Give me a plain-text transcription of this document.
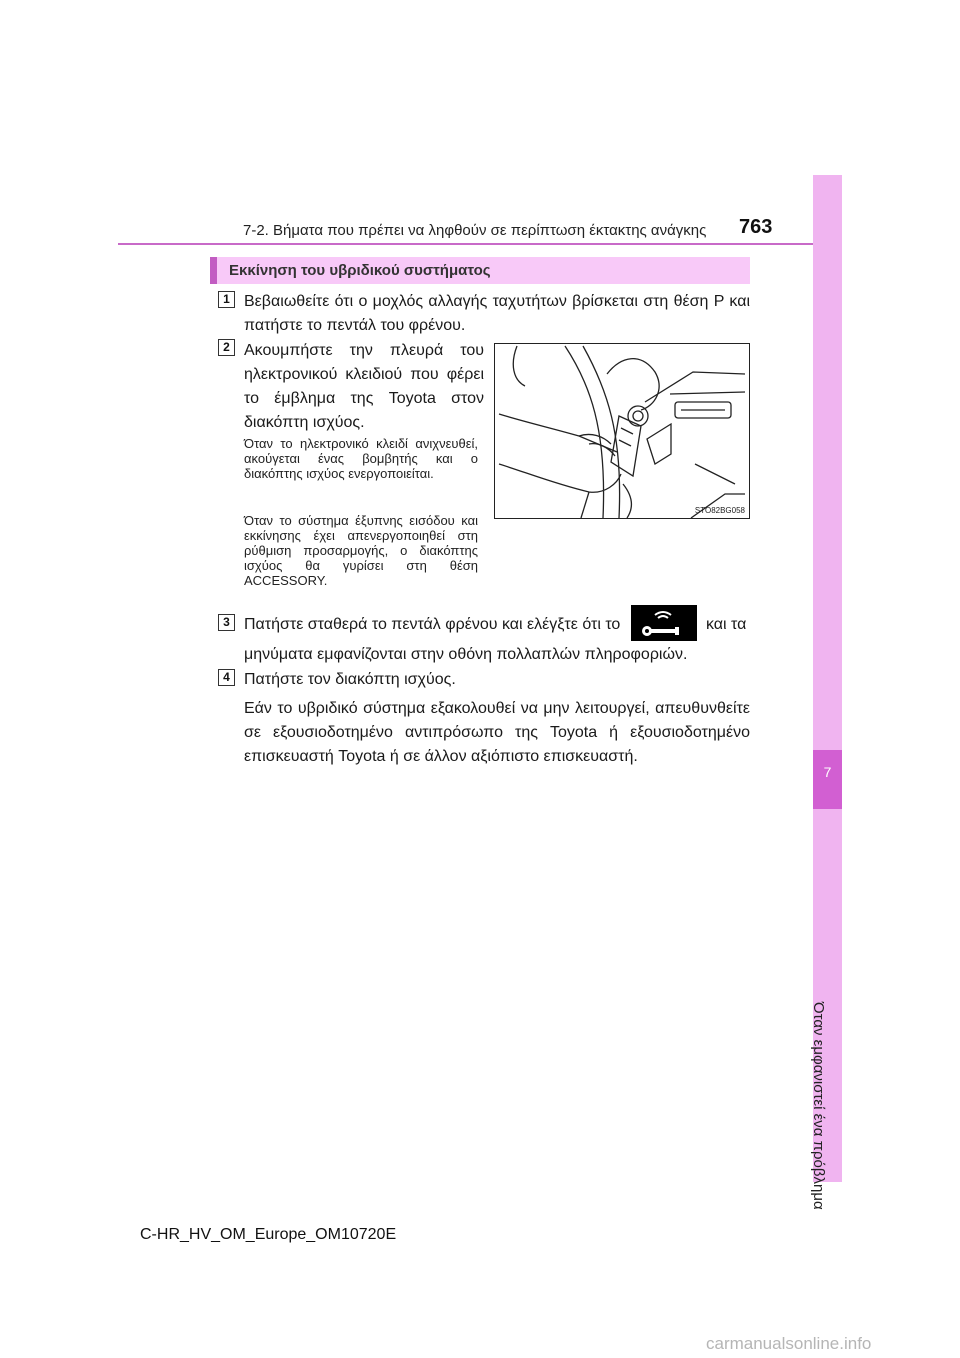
7
Όταν εμφανιστεί ένα πρόβλημα
7-2. Βήματα που πρέπει να ληφθούν σε περίπτωση έκτακτης ανάγκης 763
Εκκίνηση του υβριδικού συστήματος
1 Βεβαιωθείτε ότι ο μοχλός αλλαγής ταχυτήτων βρίσκεται στη θέση P και πατήστε το πεντάλ του φρένου.
2 Ακουμπήστε την πλευρά του ηλεκτρονικού κλειδιού που φέρει το έμβλημα της Toyota στον διακόπτη ισχύος.
Όταν το ηλεκτρονικό κλειδί ανιχνευθεί, ακούγεται ένας βομβητής και ο διακόπτης ισχύος ενεργοποιείται.
Όταν το σύστημα έξυπνης εισόδου και εκκίνησης έχει απενεργοποιηθεί στη ρύθμιση προσαρμογής, ο διακόπτης ισχύος θα γυρίσει στη θέση ACCESSORY.
STO82BG058
3 Πατήστε σταθερά το πεντάλ φρένου και ελέγξτε ότι το	και τα
μηνύματα εμφανίζονται στην οθόνη πολλαπλών πληροφοριών.
4 Πατήστε τον διακόπτη ισχύος.
Εάν το υβριδικό σύστημα εξακολουθεί να μην λειτουργεί, απευθυνθείτε σε εξουσιοδοτημένο αντιπρόσωπο της Toyota ή εξουσιοδοτημένο επισκευαστή Toyota ή σε άλλον αξιόπιστο επισκευαστή.
C-HR_HV_OM_Europe_OM10720E
carmanualsonline.info
